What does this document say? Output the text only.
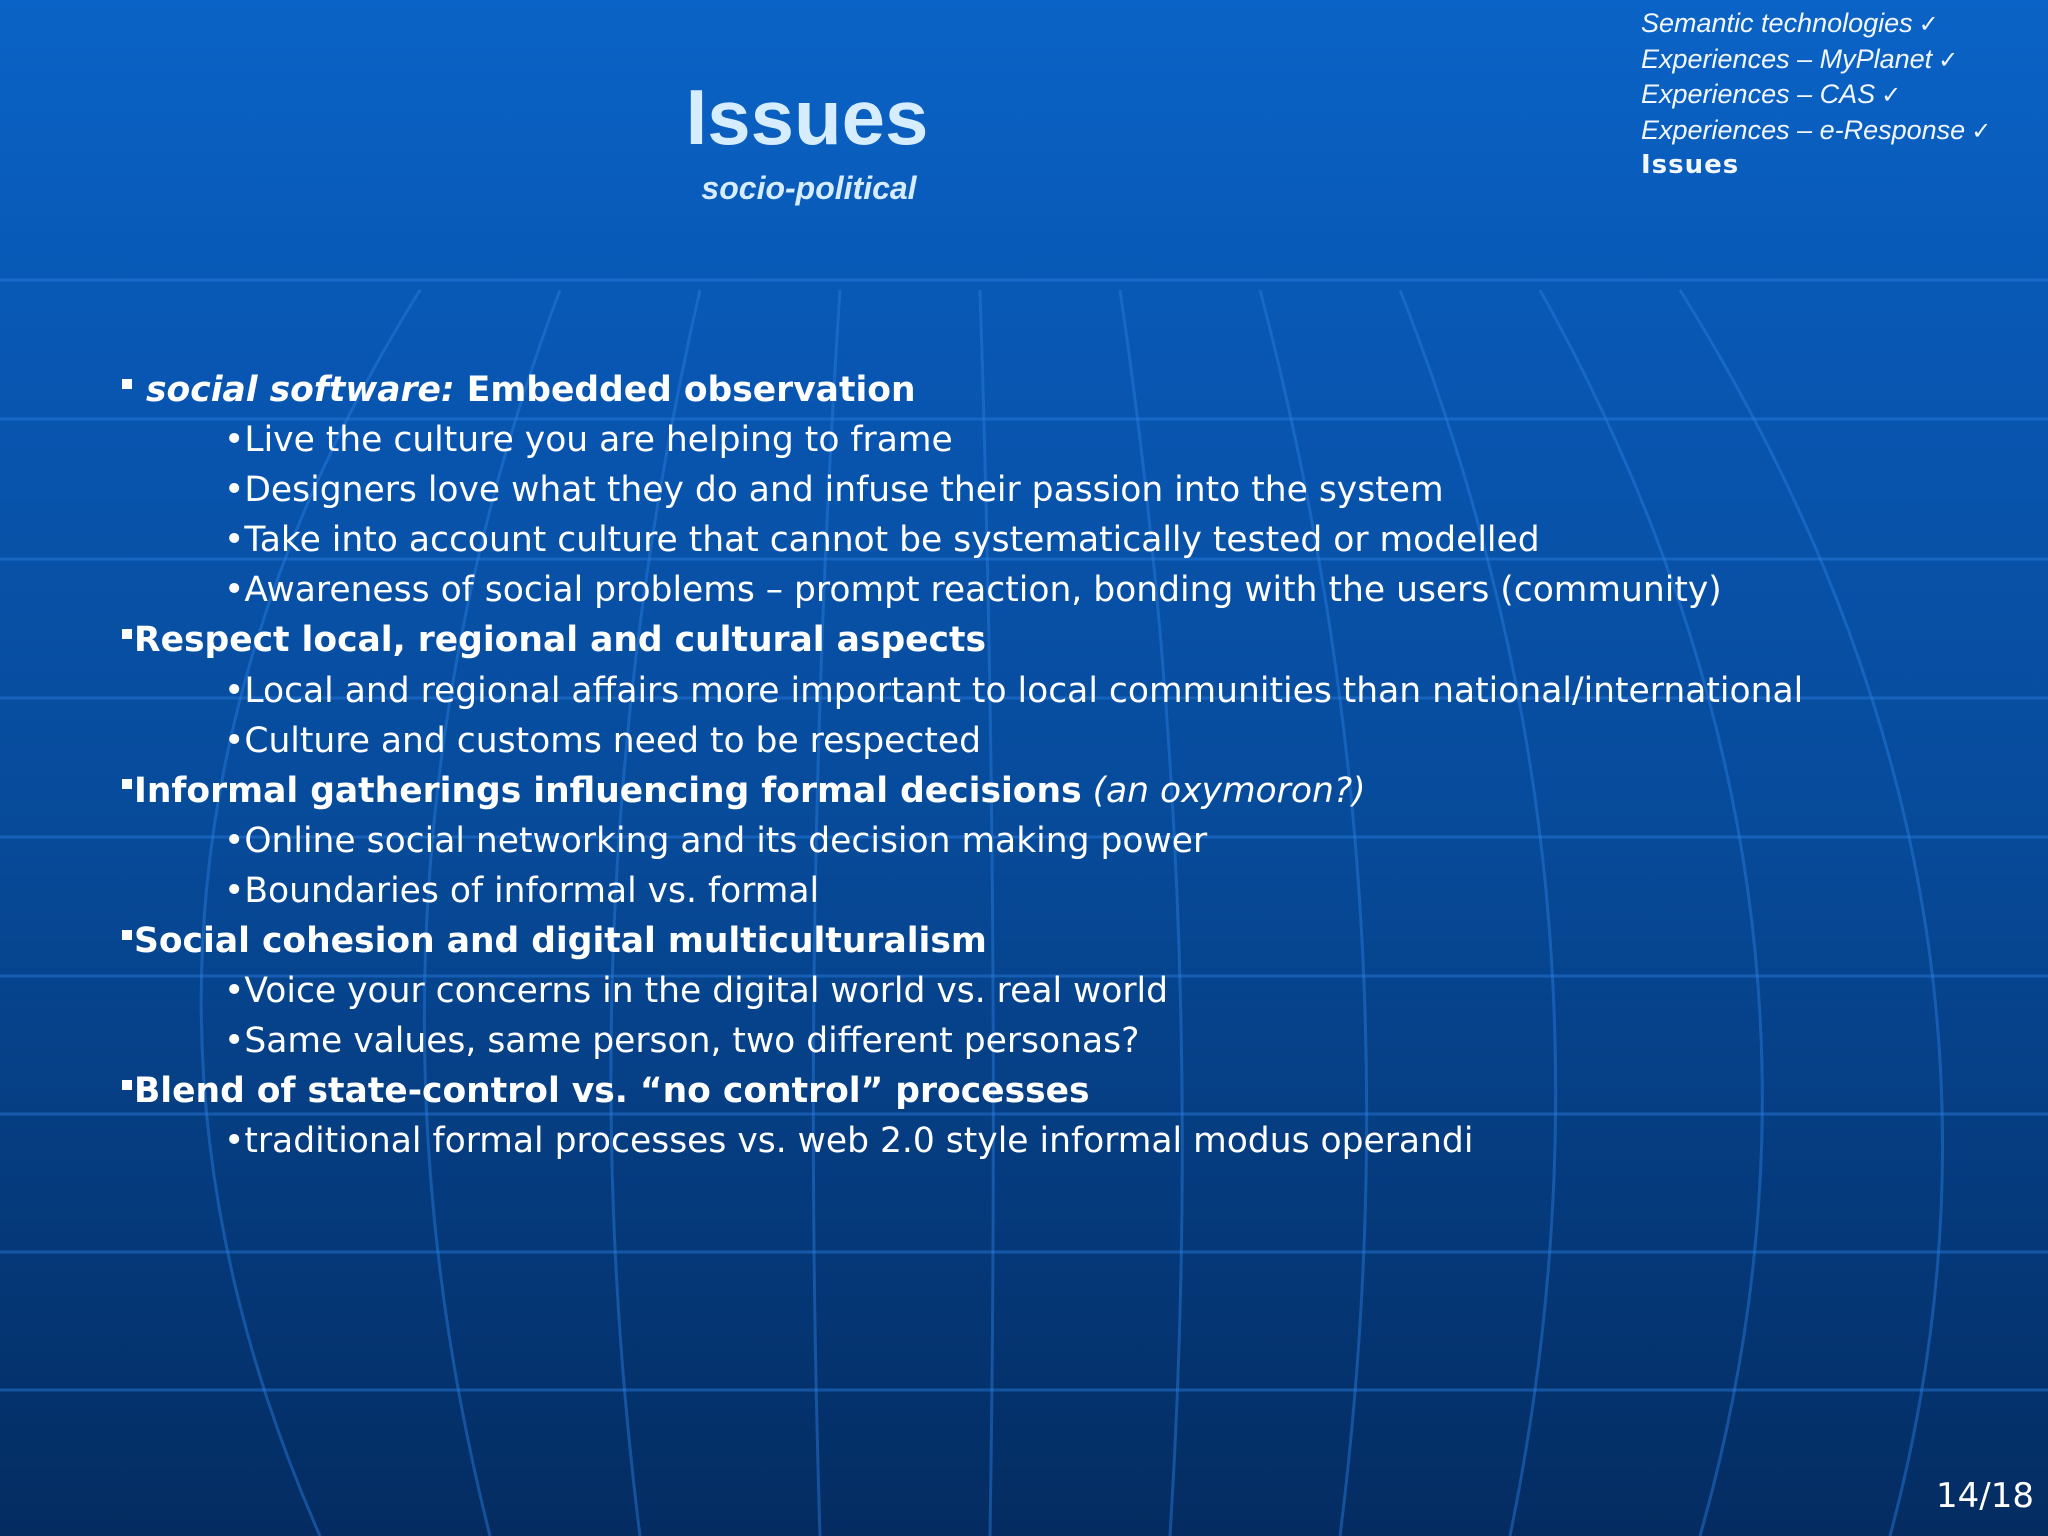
Issues
socio-political
Semantic technologies ✓
Experiences – MyPlanet ✓
Experiences – CAS ✓
Experiences – e-Response ✓
Issues
social software: Embedded observation
•Live the culture you are helping to frame
•Designers love what they do and infuse their passion into the system
•Take into account culture that cannot be systematically tested or modelled
•Awareness of social problems – prompt reaction, bonding with the users (community)
Respect local, regional and cultural aspects
•Local and regional affairs more important to local communities than national/international
•Culture and customs need to be respected
Informal gatherings influencing formal decisions (an oxymoron?)
•Online social networking and its decision making power
•Boundaries of informal vs. formal
Social cohesion and digital multiculturalism
•Voice your concerns in the digital world vs. real world
•Same values, same person, two different personas?
Blend of state-control vs. “no control” processes
•traditional formal processes vs. web 2.0 style informal modus operandi
14/18
